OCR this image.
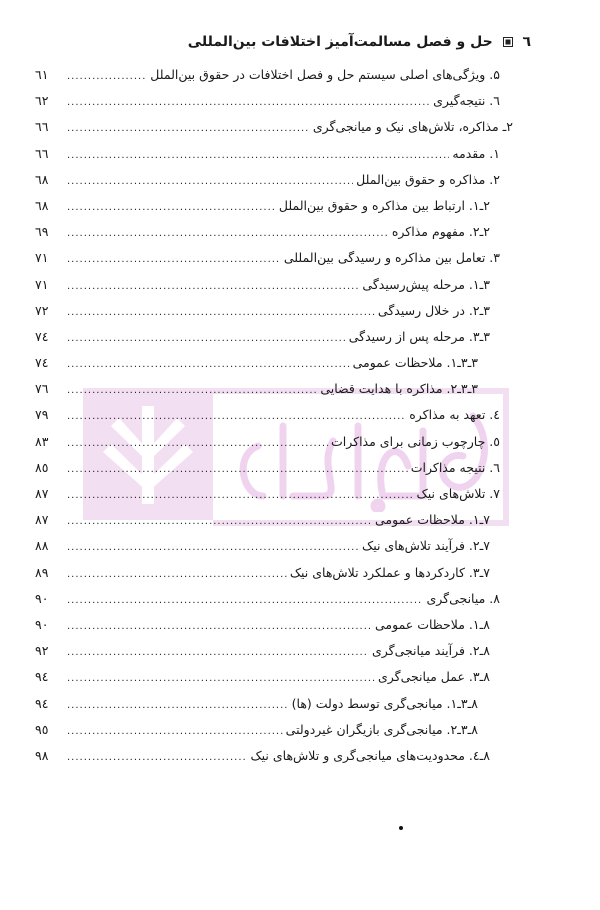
٦  حل و فصل مسالمت‌آمیز اختلافات بین‌المللی
۵. ویژگی‌های اصلی سیستم حل و فصل اختلافات در حقوق بین‌الملل
.....
٦١
٦. نتیجه‌گیری
.....
٦٢
٢ـ مذاکره، تلاش‌های نیک و میانجی‌گری
.....
٦٦
١. مقدمه
.....
٦٦
٢. مذاکره و حقوق بین‌الملل
.....
٦٨
٢ـ١. ارتباط بین مذاکره و حقوق بین‌الملل
.....
٦٨
٢ـ٢. مفهوم مذاکره
.....
٦٩
٣. تعامل بین مذاکره و رسیدگی بین‌المللی
.....
٧١
٣ـ١. مرحله پیش‌رسیدگی
.....
٧١
٣ـ٢. در خلال رسیدگی
.....
٧٢
٣ـ٣. مرحله پس از رسیدگی
.....
٧٤
٣ـ٣ـ١. ملاحظات عمومی
.....
٧٤
٣ـ٣ـ٢. مذاکره با هدایت قضایی
.....
٧٦
٤. تعهد به مذاکره
.....
٧٩
٥. چارچوب زمانی برای مذاکرات
.....
٨٣
٦. نتیجه مذاکرات
.....
٨٥
٧. تلاش‌های نیک
.....
٨٧
٧ـ١. ملاحظات عمومی
.....
٨٧
٧ـ٢. فرآیند تلاش‌های نیک
.....
٨٨
٧ـ٣. کاردکردها و عملکرد تلاش‌های نیک
.....
٨٩
٨. میانجی‌گری
.....
٩٠
٨ـ١. ملاحظات عمومی
.....
٩٠
٨ـ٢. فرآیند میانجی‌گری
.....
٩٢
٨ـ٣. عمل میانجی‌گری
.....
٩٤
٨ـ٣ـ١. میانجی‌گری توسط دولت (ها)
.....
٩٤
٨ـ٣ـ٢. میانجی‌گری بازیگران غیردولتی
.....
٩٥
٨ـ٤. محدودیت‌های میانجی‌گری و تلاش‌های نیک
.....
٩٨
